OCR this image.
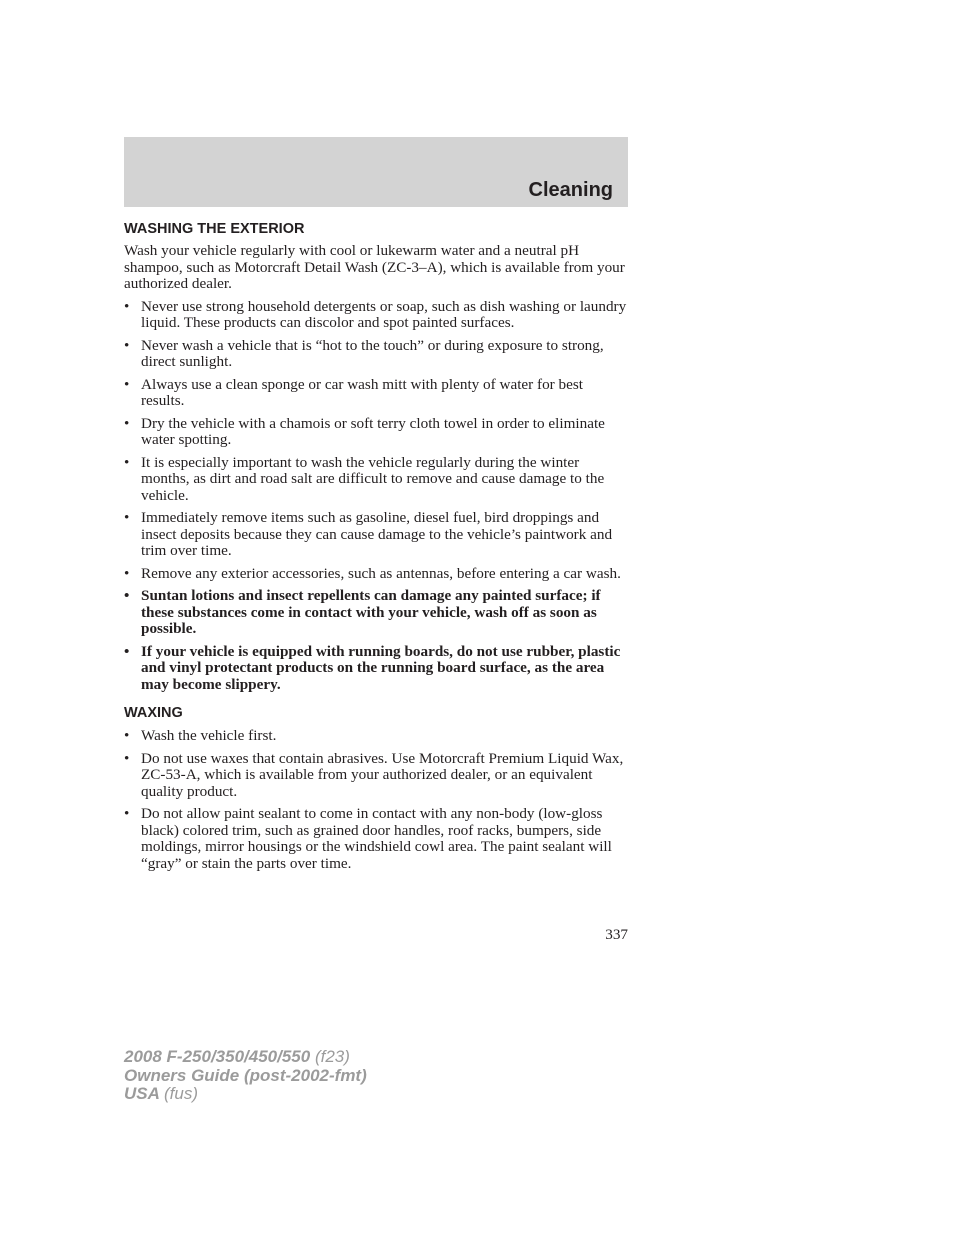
Cleaning
WASHING THE EXTERIOR

Wash your vehicle regularly with cool or lukewarm water and a neutral pH shampoo, such as Motorcraft Detail Wash (ZC-3–A), which is available from your authorized dealer.

• Never use strong household detergents or soap, such as dish washing or laundry liquid. These products can discolor and spot painted surfaces.
• Never wash a vehicle that is “hot to the touch” or during exposure to strong, direct sunlight.
• Always use a clean sponge or car wash mitt with plenty of water for best results.
• Dry the vehicle with a chamois or soft terry cloth towel in order to eliminate water spotting.
• It is especially important to wash the vehicle regularly during the winter months, as dirt and road salt are difficult to remove and cause damage to the vehicle.
• Immediately remove items such as gasoline, diesel fuel, bird droppings and insect deposits because they can cause damage to the vehicle’s paintwork and trim over time.
• Remove any exterior accessories, such as antennas, before entering a car wash.
• Suntan lotions and insect repellents can damage any painted surface; if these substances come in contact with your vehicle, wash off as soon as possible.
• If your vehicle is equipped with running boards, do not use rubber, plastic and vinyl protectant products on the running board surface, as the area may become slippery.
WAXING
• Wash the vehicle first.
• Do not use waxes that contain abrasives. Use Motorcraft Premium Liquid Wax, ZC-53-A, which is available from your authorized dealer, or an equivalent quality product.
• Do not allow paint sealant to come in contact with any non-body (low-gloss black) colored trim, such as grained door handles, roof racks, bumpers, side moldings, mirror housings or the windshield cowl area. The paint sealant will “gray” or stain the parts over time.
337
2008 F-250/350/450/550 (f23)
Owners Guide (post-2002-fmt)
USA (fus)
